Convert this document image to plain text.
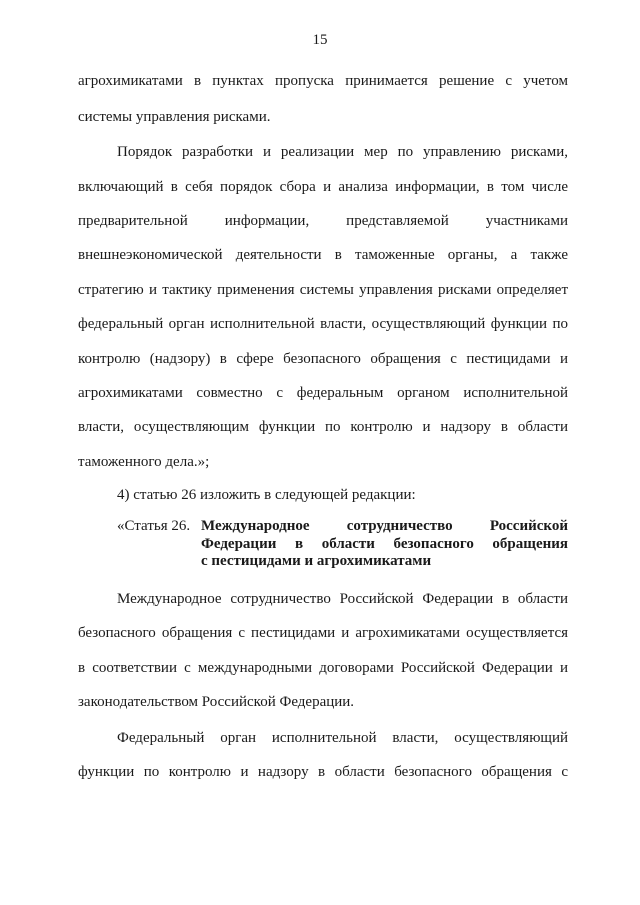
15
агрохимикатами в пунктах пропуска принимается решение с учетом
системы управления рисками.
Порядок разработки и реализации мер по управлению рисками,
включающий в себя порядок сбора и анализа информации, в том числе
предварительной информации, представляемой участниками
внешнеэкономической деятельности в таможенные органы, а также
стратегию и тактику применения системы управления рисками определяет
федеральный орган исполнительной власти, осуществляющий функции по
контролю (надзору) в сфере безопасного обращения с пестицидами и
агрохимикатами совместно с федеральным органом исполнительной
власти, осуществляющим функции по контролю и надзору в области
таможенного дела.»;
4) статью 26 изложить в следующей редакции:
«Статья 26. Международное сотрудничество Российской
Федерации в области безопасного обращения
с пестицидами и агрохимикатами
Международное сотрудничество Российской Федерации в области
безопасного обращения с пестицидами и агрохимикатами осуществляется
в соответствии с международными договорами Российской Федерации и
законодательством Российской Федерации.
Федеральный орган исполнительной власти, осуществляющий
функции по контролю и надзору в области безопасного обращения с
